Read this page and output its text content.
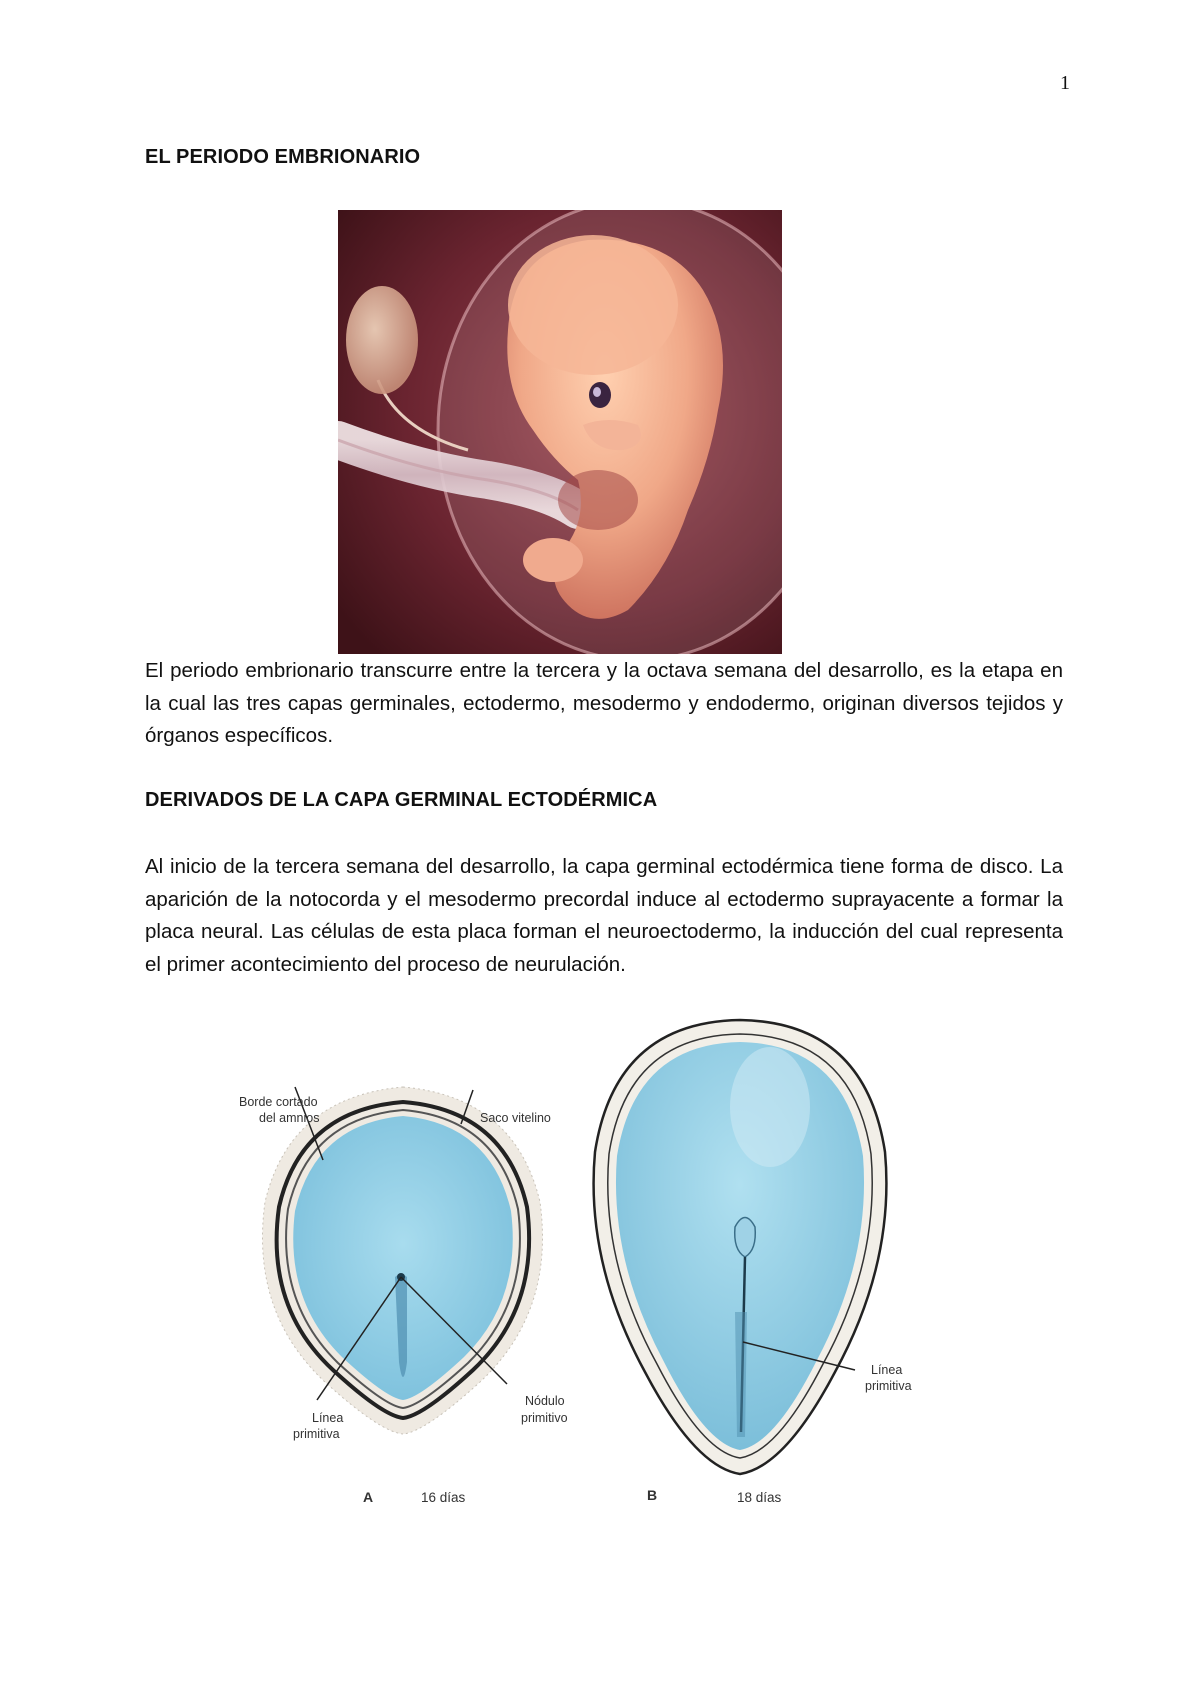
1
EL PERIODO EMBRIONARIO
El periodo embrionario transcurre entre la tercera y la octava semana del desarrollo, es la etapa en la cual las tres capas germinales, ectodermo, mesodermo y endodermo, originan diversos tejidos y órganos específicos.
DERIVADOS DE LA CAPA GERMINAL ECTODÉRMICA
Al inicio de la tercera semana del desarrollo, la capa germinal ectodérmica tiene forma de disco. La aparición de la notocorda y el mesodermo precordal induce al ectodermo suprayacente a formar la placa neural. Las células de esta placa forman el neuroectodermo, la inducción del cual representa el primer acontecimiento del proceso de neurulación.
Borde cortado
del amnios	Saco vitelino
Nódulo
primitivo
Línea
primitiva
A	16 días
Línea
primitiva
B	18 días
